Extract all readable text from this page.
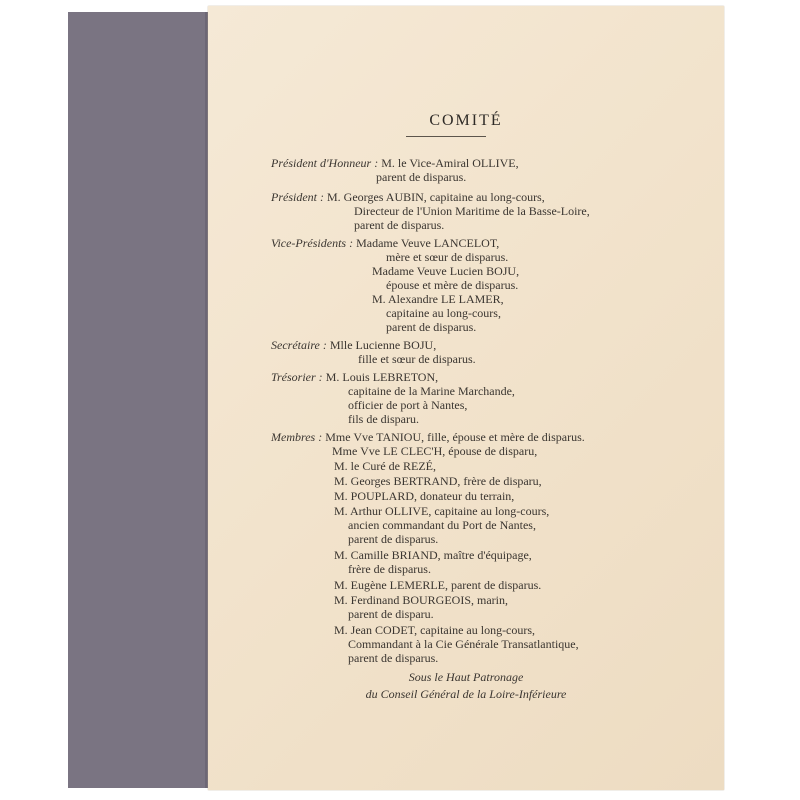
COMITÉ
Président d'Honneur : M. le Vice-Amiral OLLIVE,
parent de disparus.
Président : M. Georges AUBIN, capitaine au long-cours,
Directeur de l'Union Maritime de la Basse-Loire,
parent de disparus.
Vice-Présidents : Madame Veuve LANCELOT,
mère et sœur de disparus.
Madame Veuve Lucien BOJU,
épouse et mère de disparus.
M. Alexandre LE LAMER,
capitaine au long-cours,
parent de disparus.
Secrétaire : Mlle Lucienne BOJU,
fille et sœur de disparus.
Trésorier : M. Louis LEBRETON,
capitaine de la Marine Marchande,
officier de port à Nantes,
fils de disparu.
Membres : Mme Vve TANIOU, fille, épouse et mère de disparus.
Mme Vve LE CLEC'H, épouse de disparu,
M. le Curé de REZÉ,
M. Georges BERTRAND, frère de disparu,
M. POUPLARD, donateur du terrain,
M. Arthur OLLIVE, capitaine au long-cours,
ancien commandant du Port de Nantes,
parent de disparus.
M. Camille BRIAND, maître d'équipage,
frère de disparus.
M. Eugène LEMERLE, parent de disparus.
M. Ferdinand BOURGEOIS, marin,
parent de disparu.
M. Jean CODET, capitaine au long-cours,
Commandant à la Cie Générale Transatlantique,
parent de disparus.
Sous le Haut Patronage
du Conseil Général de la Loire-Inférieure
